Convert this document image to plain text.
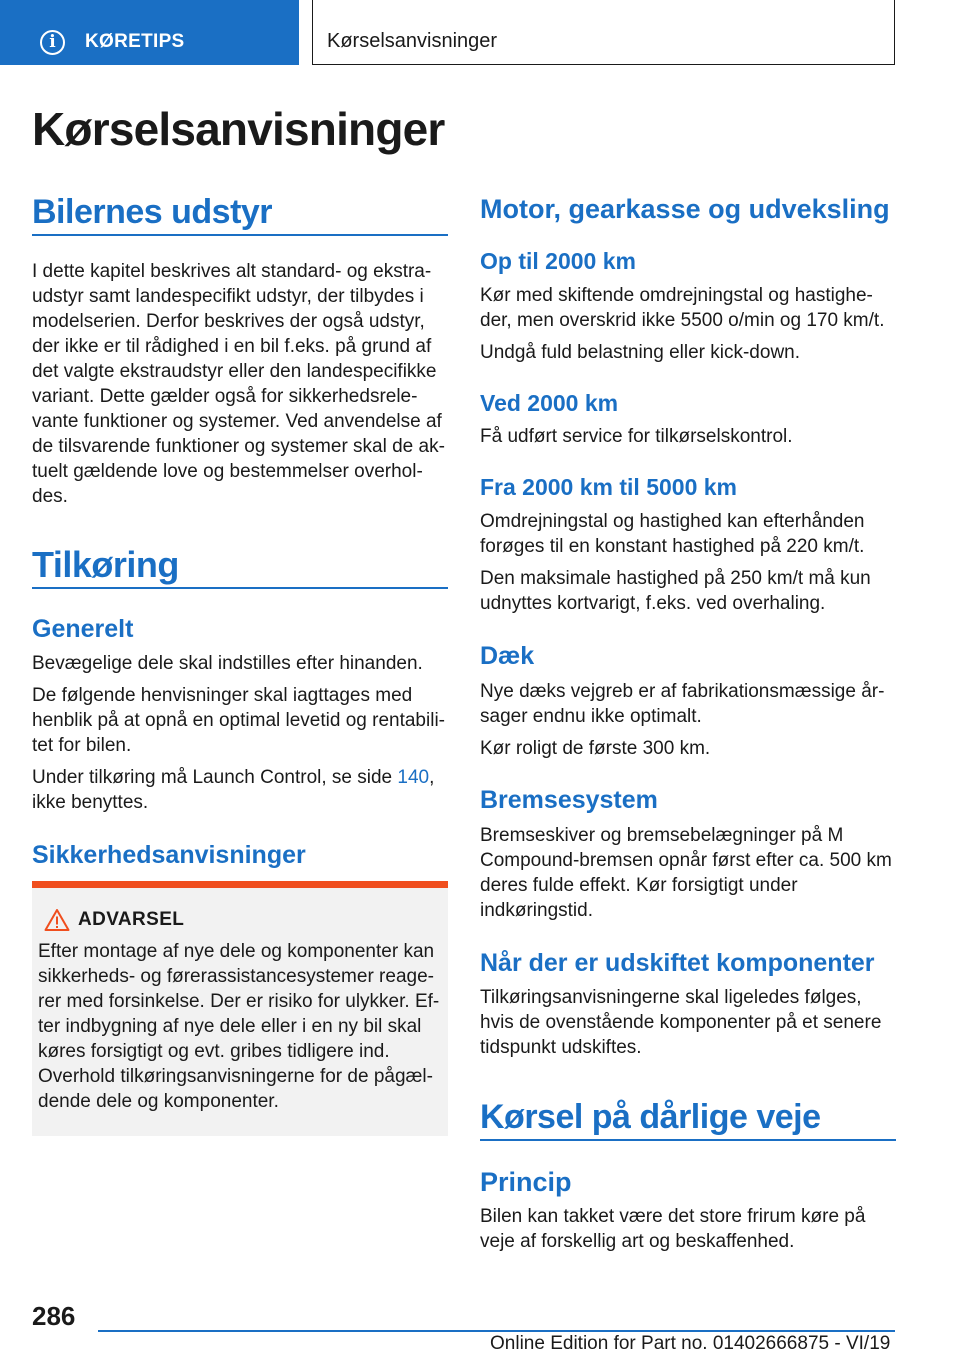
i	KØRETIPS	Kørselsanvisninger
Kørselsanvisninger
Bilernes udstyr

I dette kapitel beskrives alt standard- og ekstraudstyr samt landespecifikt udstyr, der tilbydes i modelserien. Derfor beskrives der også udstyr, der ikke er til rådighed i en bil f.eks. på grund af det valgte ekstraudstyr eller den landespecifikke variant. Dette gælder også for sikkerhedsrelevante funktioner og systemer. Ved anvendelse af de tilsvarende funktioner og systemer skal de aktuelt gældende love og bestemmelser overholdes.

Tilkøring
Generelt

Bevægelige dele skal indstilles efter hinanden.

De følgende henvisninger skal iagttages med henblik på at opnå en optimal levetid og rentabilitet for bilen.

Under tilkøring må Launch Control, se side 140, ikke benyttes.

Sikkerhedsanvisninger
ADVARSEL

Efter montage af nye dele og komponenter kan sikkerheds- og førerassistancesystemer reagerer med forsinkelse. Der er risiko for ulykker. Efter indbygning af nye dele eller i en ny bil skal køres forsigtigt og evt. gribes tidligere ind. Overhold tilkøringsanvisningerne for de pågældende dele og komponenter.

Motor, gearkasse og udveksling
Op til 2000 km

Kør med skiftende omdrejningstal og hastigheder, men overskrid ikke 5500 o/min og 170 km/t.

Undgå fuld belastning eller kick-down.

Ved 2000 km

Få udført service for tilkørselskontrol.

Fra 2000 km til 5000 km

Omdrejningstal og hastighed kan efterhånden forøges til en konstant hastighed på 220 km/t.

Den maksimale hastighed på 250 km/t må kun udnyttes kortvarigt, f.eks. ved overhaling.

Dæk

Nye dæks vejgreb er af fabrikationsmæssige årsager endnu ikke optimalt.

Kør roligt de første 300 km.

Bremsesystem

Bremseskiver og bremsebelægninger på M Compound-bremsen opnår først efter ca. 500 km deres fulde effekt. Kør forsigtigt under indkøringstid.

Når der er udskiftet komponenter

Tilkøringsanvisningerne skal ligeledes følges, hvis de ovenstående komponenter på et senere tidspunkt udskiftes.

Kørsel på dårlige veje
Princip

Bilen kan takket være det store frirum køre på veje af forskellig art og beskaffenhed.

286
Online Edition for Part no. 01402666875 - VI/19
